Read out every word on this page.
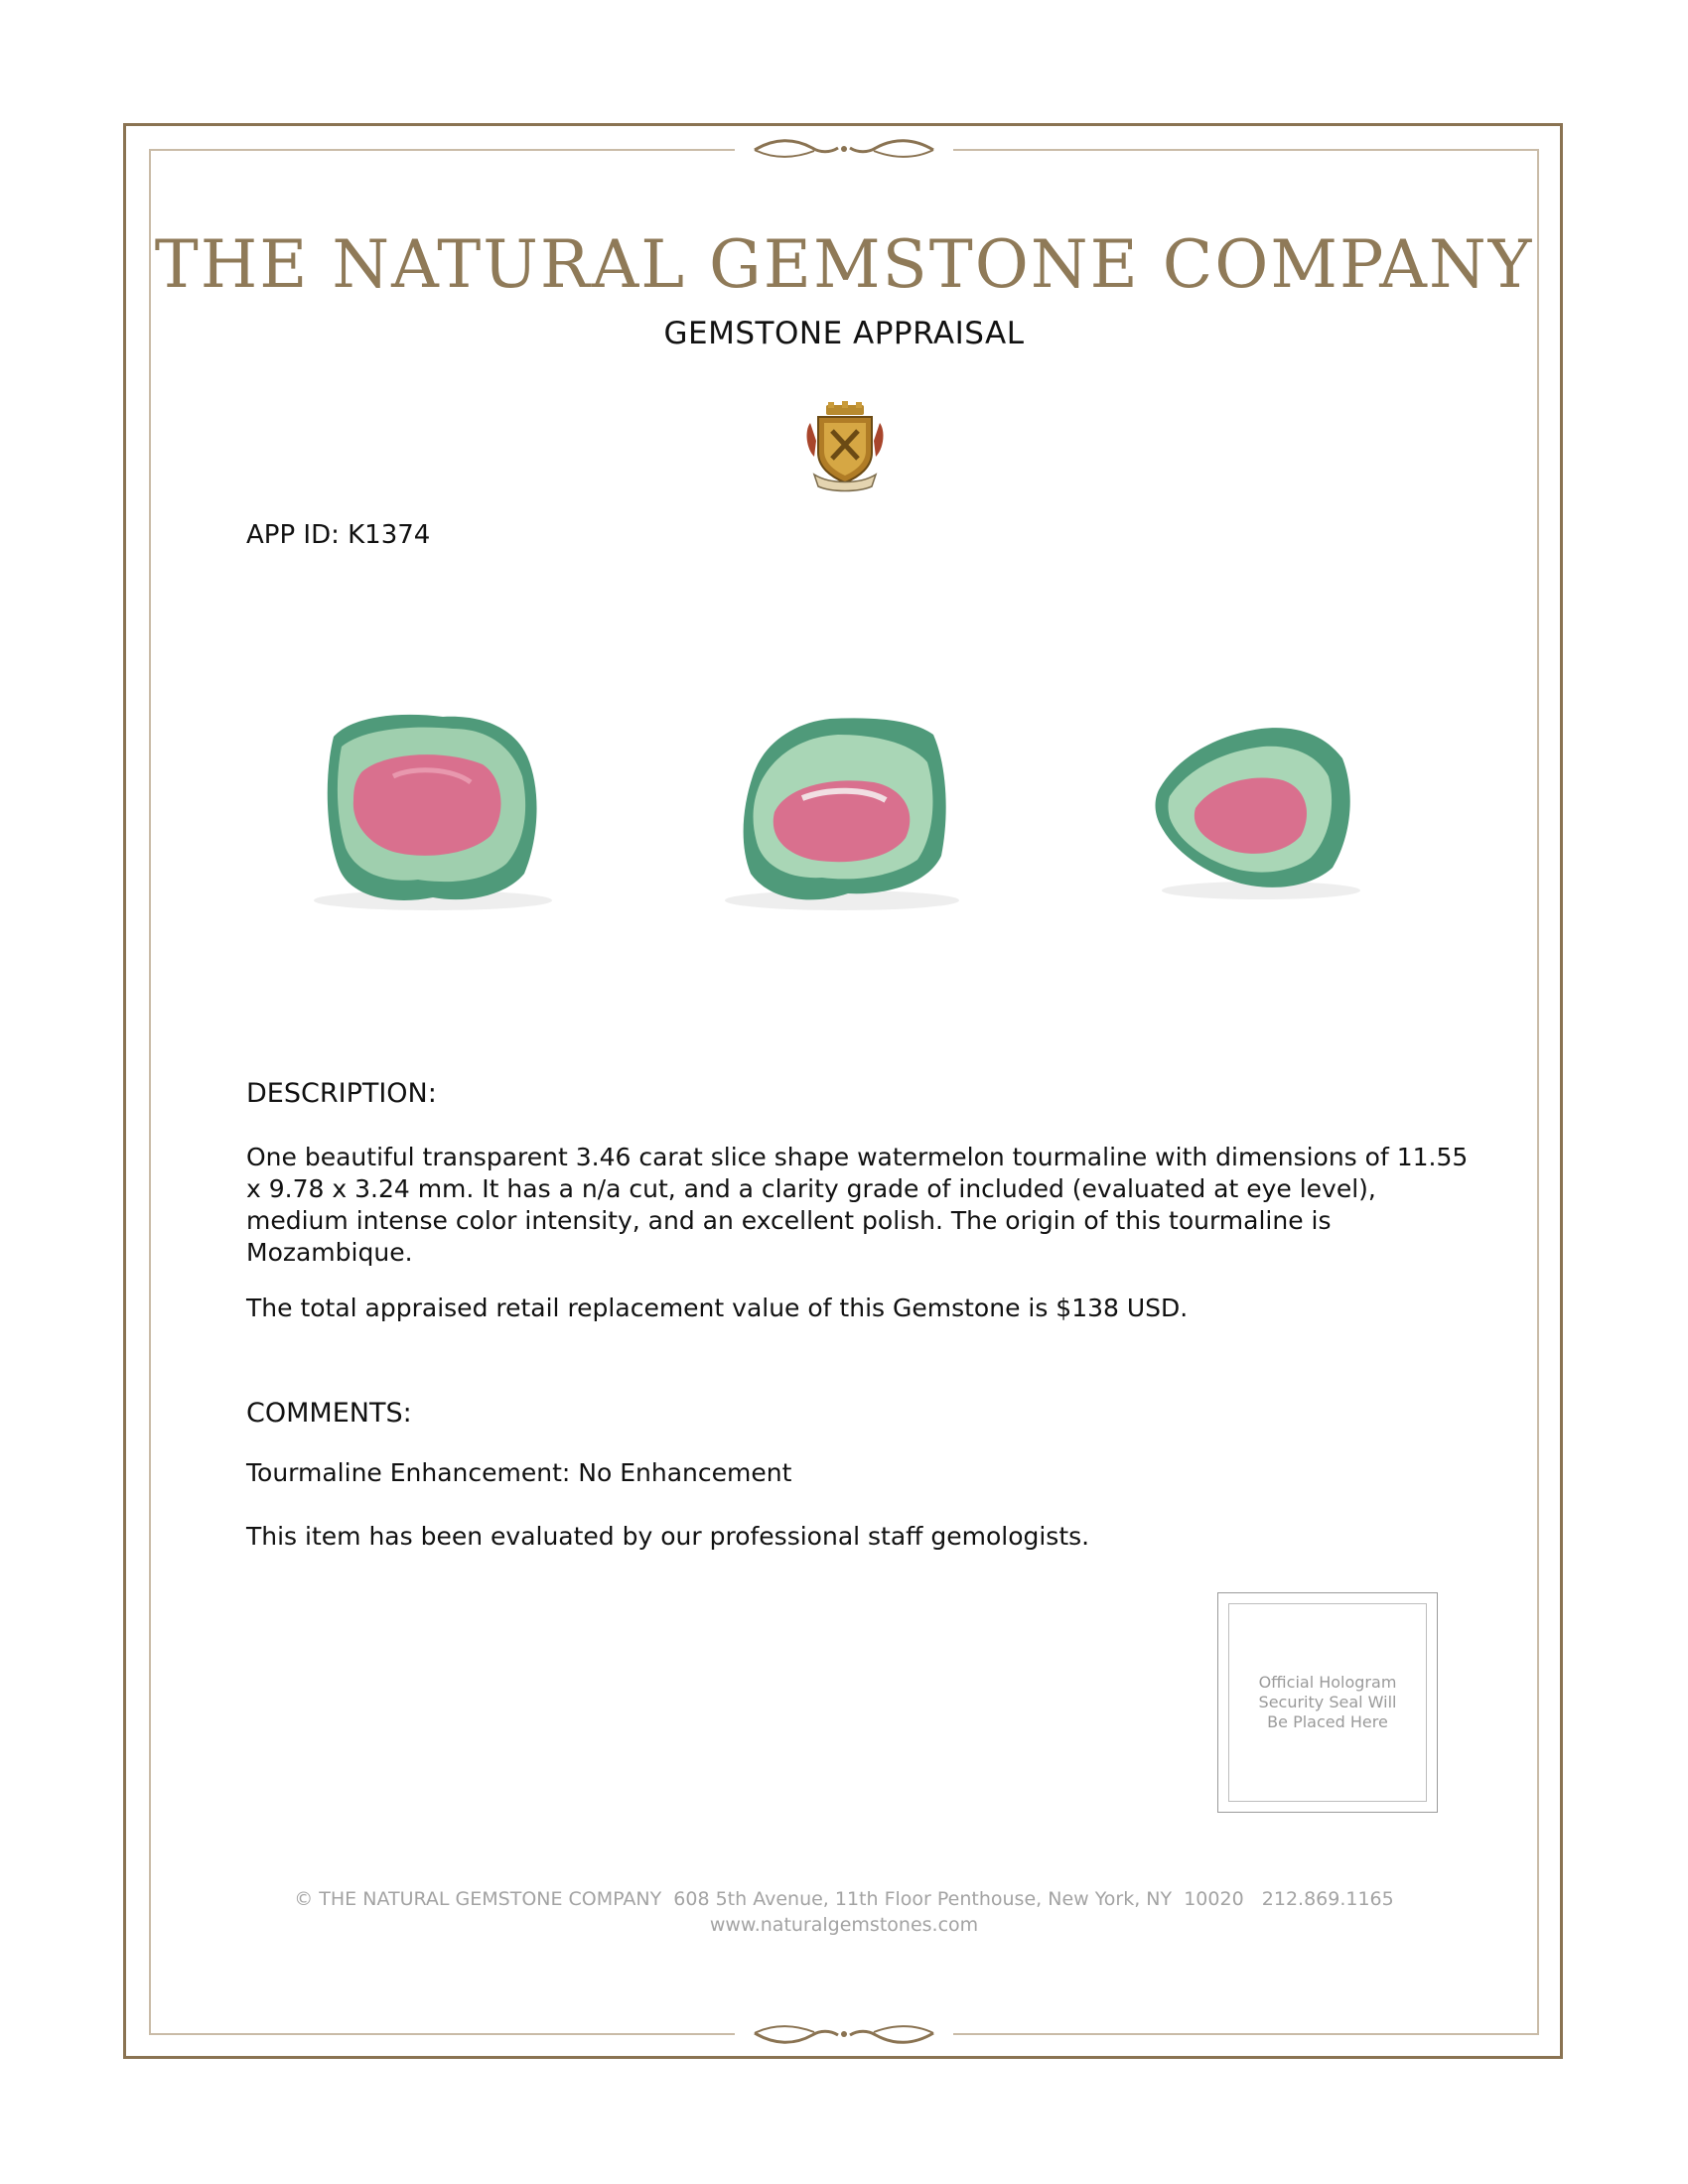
THE NATURAL GEMSTONE COMPANY
GEMSTONE APPRAISAL
APP ID: K1374
DESCRIPTION:
One beautiful transparent 3.46 carat slice shape watermelon tourmaline with dimensions of 11.55 x 9.78 x 3.24 mm. It has a n/a cut, and a clarity grade of included (evaluated at eye level), medium intense color intensity, and an excellent polish. The origin of this tourmaline is Mozambique.
The total appraised retail replacement value of this Gemstone is $138 USD.
COMMENTS:
Tourmaline Enhancement: No Enhancement
This item has been evaluated by our professional staff gemologists.
Official Hologram Security Seal Will Be Placed Here
© THE NATURAL GEMSTONE COMPANY  608 5th Avenue, 11th Floor Penthouse, New York, NY  10020   212.869.1165
www.naturalgemstones.com
